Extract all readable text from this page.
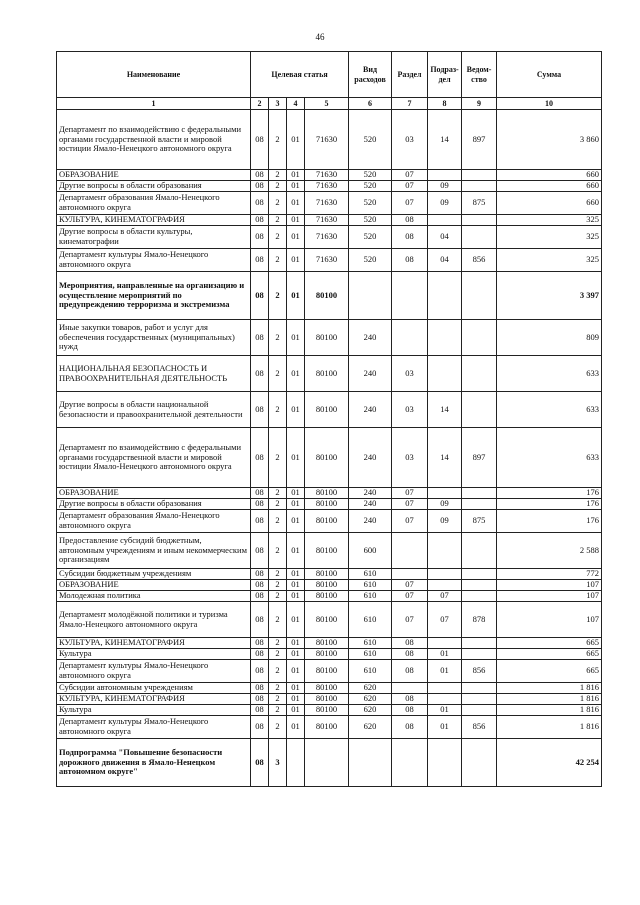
46
Наименование	Целевая статья				Вид расходов	Раздел	Подраз-дел	Ведом-ство	Сумма
1	2	3	4	5	6	7	8	9	10
Департамент по взаимодействию с федеральными органами государственной власти и мировой юстиции Ямало-Ненецкого автономного округа	08	2	01	71630	520	03	14	897	3 860
ОБРАЗОВАНИЕ	08	2	01	71630	520	07			660
Другие вопросы в области образования	08	2	01	71630	520	07	09		660
Департамент образования Ямало-Ненецкого автономного округа	08	2	01	71630	520	07	09	875	660
КУЛЬТУРА, КИНЕМАТОГРАФИЯ	08	2	01	71630	520	08			325
Другие вопросы в области культуры, кинематографии	08	2	01	71630	520	08	04		325
Департамент культуры Ямало-Ненецкого автономного округа	08	2	01	71630	520	08	04	856	325
Мероприятия, направленные на организацию и осуществление мероприятий по предупреждению терроризма и экстремизма	08	2	01	80100					3 397
Иные закупки товаров, работ и услуг для обеспечения государственных (муниципальных) нужд	08	2	01	80100	240				809
НАЦИОНАЛЬНАЯ БЕЗОПАСНОСТЬ И ПРАВООХРАНИТЕЛЬНАЯ ДЕЯТЕЛЬНОСТЬ	08	2	01	80100	240	03			633
Другие вопросы в области национальной безопасности и правоохранительной деятельности	08	2	01	80100	240	03	14		633
Департамент по взаимодействию с федеральными органами государственной власти и мировой юстиции Ямало-Ненецкого автономного округа	08	2	01	80100	240	03	14	897	633
ОБРАЗОВАНИЕ	08	2	01	80100	240	07			176
Другие вопросы в области образования	08	2	01	80100	240	07	09		176
Департамент образования Ямало-Ненецкого автономного округа	08	2	01	80100	240	07	09	875	176
Предоставление субсидий бюджетным, автономным учреждениям и иным некоммерческим организациям	08	2	01	80100	600				2 588
Субсидии бюджетным учреждениям	08	2	01	80100	610				772
ОБРАЗОВАНИЕ	08	2	01	80100	610	07			107
Молодежная политика	08	2	01	80100	610	07	07		107
Департамент молодёжной политики и туризма Ямало-Ненецкого автономного округа	08	2	01	80100	610	07	07	878	107
КУЛЬТУРА, КИНЕМАТОГРАФИЯ	08	2	01	80100	610	08			665
Культура	08	2	01	80100	610	08	01		665
Департамент культуры Ямало-Ненецкого автономного округа	08	2	01	80100	610	08	01	856	665
Субсидии автономным учреждениям	08	2	01	80100	620				1 816
КУЛЬТУРА, КИНЕМАТОГРАФИЯ	08	2	01	80100	620	08			1 816
Культура	08	2	01	80100	620	08	01		1 816
Департамент культуры Ямало-Ненецкого автономного округа	08	2	01	80100	620	08	01	856	1 816
Подпрограмма "Повышение безопасности дорожного движения в Ямало-Ненецком автономном округе"	08	3							42 254
